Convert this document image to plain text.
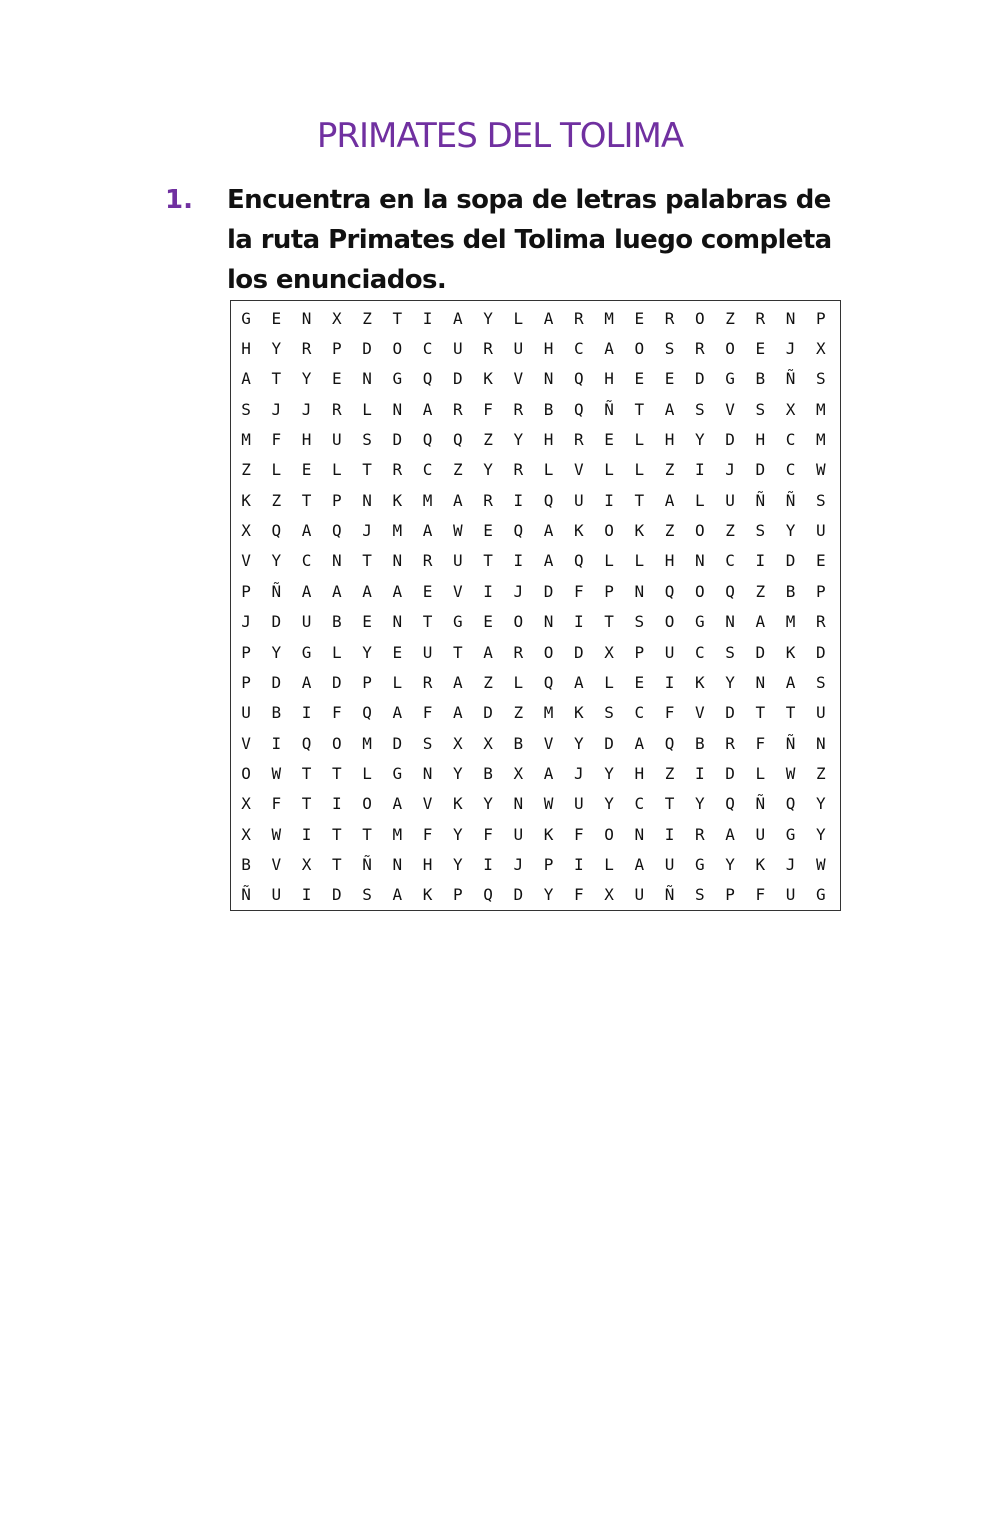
PRIMATES DEL TOLIMA
1.	Encuentra en la sopa de letras palabras de la ruta Primates del Tolima luego completa los enunciados.
G	E	N	X	Z	T	I	A	Y	L	A	R	M	E	R	O	Z	R	N	P
H	Y	R	P	D	O	C	U	R	U	H	C	A	O	S	R	O	E	J	X
A	T	Y	E	N	G	Q	D	K	V	N	Q	H	E	E	D	G	B	Ñ	S
S	J	J	R	L	N	A	R	F	R	B	Q	Ñ	T	A	S	V	S	X	M
M	F	H	U	S	D	Q	Q	Z	Y	H	R	E	L	H	Y	D	H	C	M
Z	L	E	L	T	R	C	Z	Y	R	L	V	L	L	Z	I	J	D	C	W
K	Z	T	P	N	K	M	A	R	I	Q	U	I	T	A	L	U	Ñ	Ñ	S
X	Q	A	Q	J	M	A	W	E	Q	A	K	O	K	Z	O	Z	S	Y	U
V	Y	C	N	T	N	R	U	T	I	A	Q	L	L	H	N	C	I	D	E
P	Ñ	A	A	A	A	E	V	I	J	D	F	P	N	Q	O	Q	Z	B	P
J	D	U	B	E	N	T	G	E	O	N	I	T	S	O	G	N	A	M	R
P	Y	G	L	Y	E	U	T	A	R	O	D	X	P	U	C	S	D	K	D
P	D	A	D	P	L	R	A	Z	L	Q	A	L	E	I	K	Y	N	A	S
U	B	I	F	Q	A	F	A	D	Z	M	K	S	C	F	V	D	T	T	U
V	I	Q	O	M	D	S	X	X	B	V	Y	D	A	Q	B	R	F	Ñ	N
O	W	T	T	L	G	N	Y	B	X	A	J	Y	H	Z	I	D	L	W	Z
X	F	T	I	O	A	V	K	Y	N	W	U	Y	C	T	Y	Q	Ñ	Q	Y
X	W	I	T	T	M	F	Y	F	U	K	F	O	N	I	R	A	U	G	Y
B	V	X	T	Ñ	N	H	Y	I	J	P	I	L	A	U	G	Y	K	J	W
Ñ	U	I	D	S	A	K	P	Q	D	Y	F	X	U	Ñ	S	P	F	U	G
